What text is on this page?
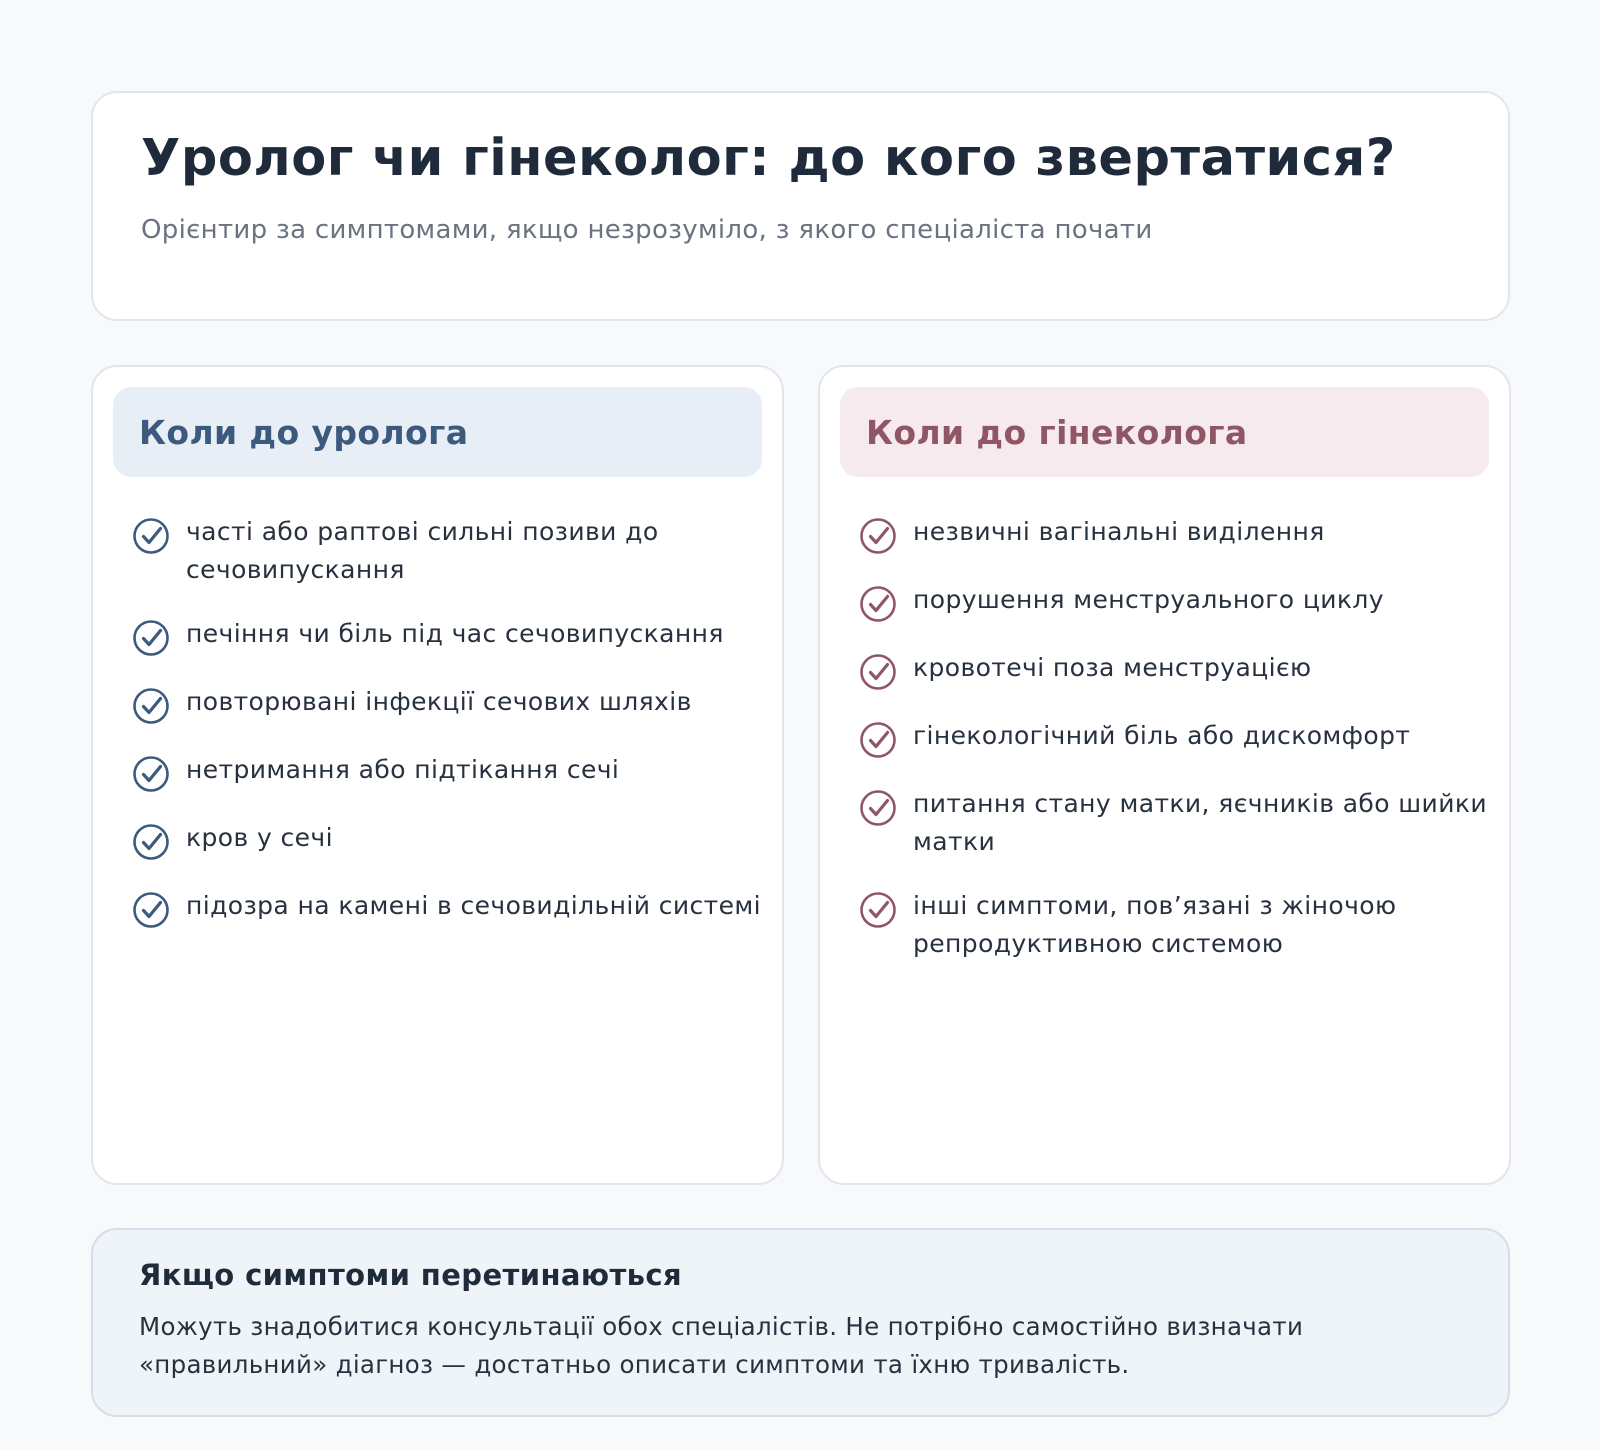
Уролог чи гінеколог: до кого звертатися?

Орієнтир за симптомами, якщо незрозуміло, з якого спеціаліста почати

Коли до уролога
часті або раптові сильні позиви до сечовипускання
печіння чи біль під час сечовипускання
повторювані інфекції сечових шляхів
нетримання або підтікання сечі
кров у сечі
підозра на камені в сечовидільній системі
Коли до гінеколога
незвичні вагінальні виділення
порушення менструального циклу
кровотечі поза менструацією
гінекологічний біль або дискомфорт
питання стану матки, яєчників або шийки матки
інші симптоми, пов’язані з жіночою репродуктивною системою
Якщо симптоми перетинаються

Можуть знадобитися консультації обох спеціалістів. Не потрібно самостійно визначати «правильний» діагноз — достатньо описати симптоми та їхню тривалість.
